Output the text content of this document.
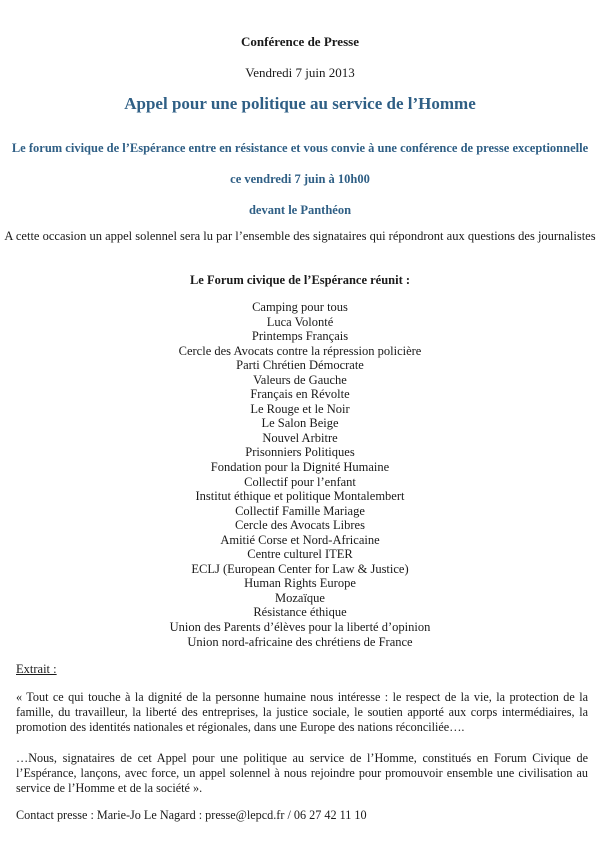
Conférence de Presse
Vendredi 7 juin 2013
Appel pour une politique au service de l’Homme
Le forum civique de l’Espérance entre en résistance et vous convie à une conférence de presse exceptionnelle
ce vendredi 7 juin à 10h00
devant le Panthéon
A cette occasion un appel solennel sera lu par l’ensemble des signataires qui répondront aux questions des journalistes
Le Forum civique de l’Espérance réunit :
Camping pour tous
Luca Volonté
Printemps Français
Cercle des Avocats contre la répression policière
Parti Chrétien Démocrate
Valeurs de Gauche
Français en Révolte
Le Rouge et le Noir
Le Salon Beige
Nouvel Arbitre
Prisonniers Politiques
Fondation pour la Dignité Humaine
Collectif pour l’enfant
Institut éthique et politique Montalembert
Collectif Famille Mariage
Cercle des Avocats Libres
Amitié Corse et Nord-Africaine
Centre culturel ITER
ECLJ (European Center for Law & Justice)
Human Rights Europe
Mozaïque
Résistance éthique
Union des Parents d’élèves pour la liberté d’opinion
Union nord-africaine des chrétiens de France
Extrait :
« Tout ce qui touche à la dignité de la personne humaine nous intéresse : le respect de la vie, la protection de la famille, du travailleur, la liberté des entreprises, la justice sociale, le soutien apporté aux corps intermédiaires, la promotion des identités nationales et régionales, dans une Europe des nations réconciliée….
…Nous, signataires de cet Appel pour une politique au service de l’Homme, constitués en Forum Civique de l’Espérance, lançons, avec force, un appel solennel à nous rejoindre pour promouvoir ensemble une civilisation au service de l’Homme et de la société ».
Contact presse : Marie-Jo Le Nagard : presse@lepcd.fr / 06 27 42 11 10
